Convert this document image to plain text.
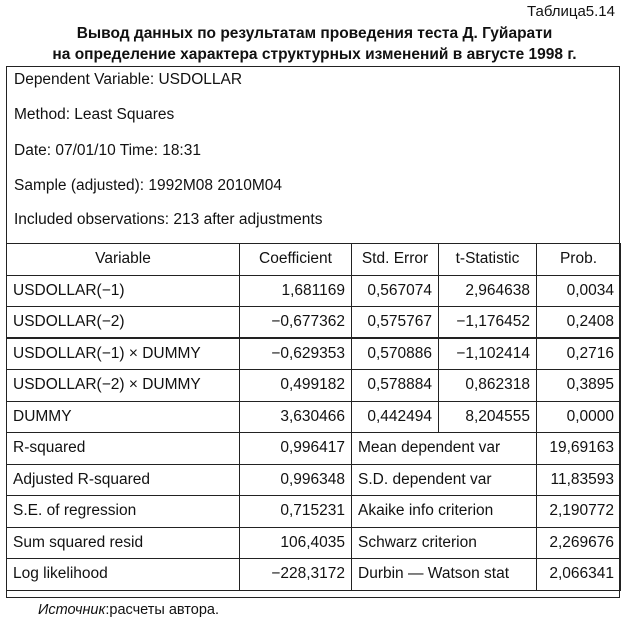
Таблица5.14
Вывод данных по результатам проведения теста Д. Гуйарати
на определение характера структурных изменений в августе 1998 г.
Dependent Variable: USDOLLAR
Method: Least Squares
Date: 07/01/10 Time: 18:31
Sample (adjusted): 1992M08 2010M04
Included observations: 213 after adjustments
Variable	Coefficient	Std. Error	t-Statistic	Prob.
USDOLLAR(−1)	1,681169	0,567074	2,964638	0,0034
USDOLLAR(−2)	−0,677362	0,575767	−1,176452	0,2408
USDOLLAR(−1) × DUMMY	−0,629353	0,570886	−1,102414	0,2716
USDOLLAR(−2) × DUMMY	0,499182	0,578884	0,862318	0,3895
DUMMY	3,630466	0,442494	8,204555	0,0000
R-squared	0,996417	Mean dependent var		19,69163
Adjusted R-squared	0,996348	S.D. dependent var		11,83593
S.E. of regression	0,715231	Akaike info criterion		2,190772
Sum squared resid	106,4035	Schwarz criterion		2,269676
Log likelihood	−228,3172	Durbin — Watson stat		2,066341
Источник:расчеты автора.
